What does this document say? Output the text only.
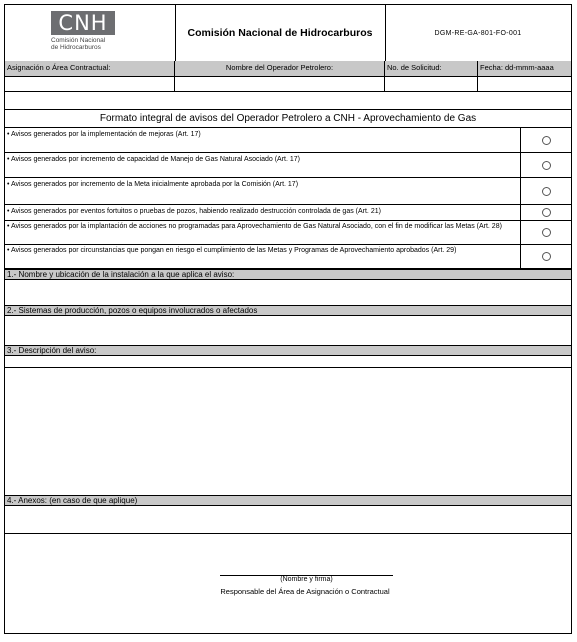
CNH
Comisión Nacional
de Hidrocarburos
Comisión Nacional de Hidrocarburos	DGM-RE-GA-801-FO-001
Asignación o Área Contractual:	Nombre del Operador Petrolero:	No. de Solicitud:	Fecha: dd-mmm-aaaa
Formato integral de avisos del Operador Petrolero a CNH - Aprovechamiento de Gas
• Avisos generados por la implementación de mejoras (Art. 17)
• Avisos generados por incremento de capacidad de Manejo de Gas Natural Asociado (Art. 17)
• Avisos generados por incremento de la Meta inicialmente aprobada por la Comisión (Art. 17)
• Avisos generados por eventos fortuitos o pruebas de pozos, habiendo realizado destrucción controlada de gas (Art. 21)
• Avisos generados por la implantación de acciones no programadas para Aprovechamiento de Gas Natural Asociado, con el fin de modificar las Metas (Art. 28)
• Avisos generados por circunstancias que pongan en riesgo el cumplimiento de las Metas y Programas de Aprovechamiento aprobados (Art. 29)
1.- Nombre y ubicación de la instalación a la que aplica el aviso:
2.- Sistemas de producción, pozos o equipos involucrados o afectados
3.- Descripción del aviso:
4.- Anexos: (en caso de que aplique)
(Nombre y firma)
Responsable del Área de Asignación o Contractual
